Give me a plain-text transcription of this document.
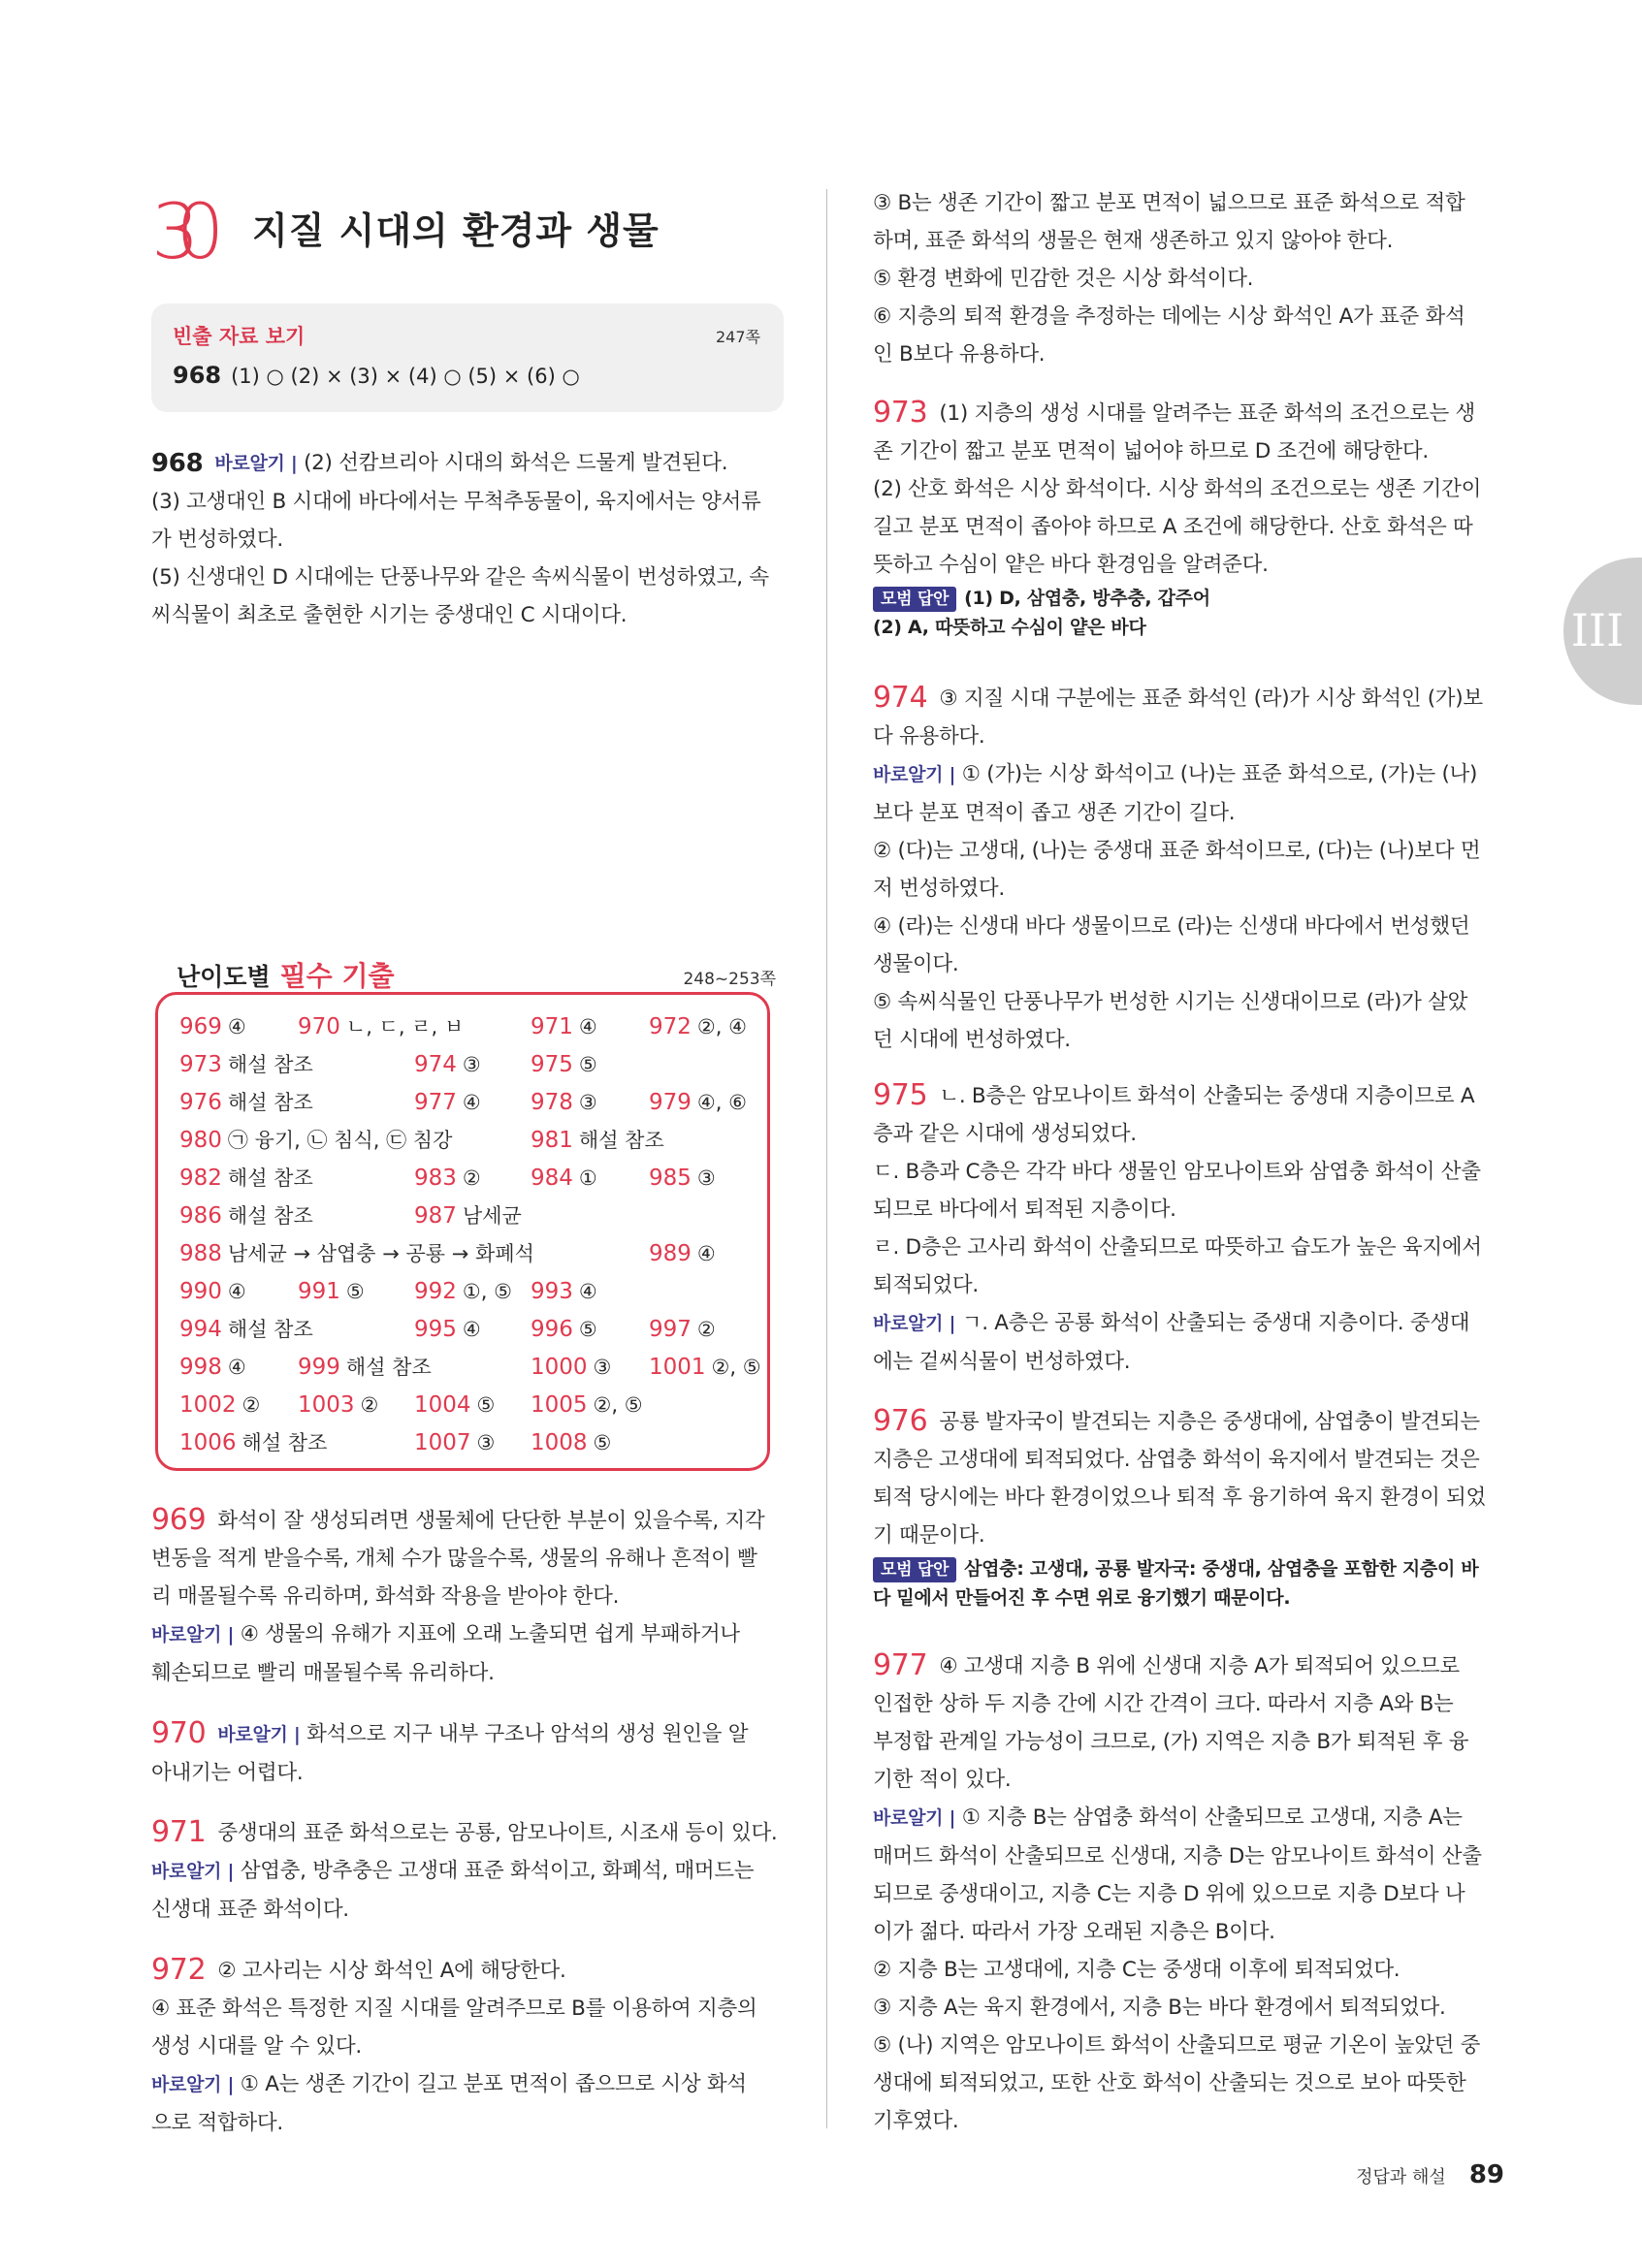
30 지질 시대의 환경과 생물
빈출 자료 보기	247쪽
968 (1) ○ (2) × (3) × (4) ○ (5) × (6) ○

968 바로알기 | (2) 선캄브리아 시대의 화석은 드물게 발견된다.

(3) 고생대인 B 시대에 바다에서는 무척추동물이, 육지에서는 양서류

가 번성하였다.

(5) 신생대인 D 시대에는 단풍나무와 같은 속씨식물이 번성하였고, 속

씨식물이 최초로 출현한 시기는 중생대인 C 시대이다.

난이도별 필수 기출	248~253쪽
969 ④ 970 ㄴ, ㄷ, ㄹ, ㅂ	971 ④ 972 ②, ④
973 해설 참조	974 ③ 975 ⑤
976 해설 참조	977 ④ 978 ③ 979 ④, ⑥
980 ㉠ 융기, ㉡ 침식, ㉢ 침강	981 해설 참조
982 해설 참조	983 ② 984 ① 985 ③
986 해설 참조	987 남세균
988 남세균 → 삼엽충 → 공룡 → 화폐석	989 ④
990 ④ 991 ⑤ 992 ①, ⑤ 993 ④
994 해설 참조	995 ④ 996 ⑤ 997 ②
998 ④ 999 해설 참조	1000 ③ 1001 ②, ⑤
1002 ② 1003 ② 1004 ⑤ 1005 ②, ⑤
1006 해설 참조	1007 ③ 1008 ⑤

969 화석이 잘 생성되려면 생물체에 단단한 부분이 있을수록, 지각

변동을 적게 받을수록, 개체 수가 많을수록, 생물의 유해나 흔적이 빨

리 매몰될수록 유리하며, 화석화 작용을 받아야 한다.

바로알기 | ④ 생물의 유해가 지표에 오래 노출되면 쉽게 부패하거나

훼손되므로 빨리 매몰될수록 유리하다.

970 바로알기 | 화석으로 지구 내부 구조나 암석의 생성 원인을 알

아내기는 어렵다.

971 중생대의 표준 화석으로는 공룡, 암모나이트, 시조새 등이 있다.

바로알기 | 삼엽충, 방추충은 고생대 표준 화석이고, 화폐석, 매머드는

신생대 표준 화석이다.

972 ② 고사리는 시상 화석인 A에 해당한다.

④ 표준 화석은 특정한 지질 시대를 알려주므로 B를 이용하여 지층의

생성 시대를 알 수 있다.

바로알기 | ① A는 생존 기간이 길고 분포 면적이 좁으므로 시상 화석

으로 적합하다.

③ B는 생존 기간이 짧고 분포 면적이 넓으므로 표준 화석으로 적합

하며, 표준 화석의 생물은 현재 생존하고 있지 않아야 한다.

⑤ 환경 변화에 민감한 것은 시상 화석이다.

⑥ 지층의 퇴적 환경을 추정하는 데에는 시상 화석인 A가 표준 화석

인 B보다 유용하다.

973 (1) 지층의 생성 시대를 알려주는 표준 화석의 조건으로는 생

존 기간이 짧고 분포 면적이 넓어야 하므로 D 조건에 해당한다.

(2) 산호 화석은 시상 화석이다. 시상 화석의 조건으로는 생존 기간이

길고 분포 면적이 좁아야 하므로 A 조건에 해당한다. 산호 화석은 따

뜻하고 수심이 얕은 바다 환경임을 알려준다.

모범 답안 (1) D, 삼엽충, 방추충, 갑주어

(2) A, 따뜻하고 수심이 얕은 바다

974 ③ 지질 시대 구분에는 표준 화석인 (라)가 시상 화석인 (가)보

다 유용하다.

바로알기 | ① (가)는 시상 화석이고 (나)는 표준 화석으로, (가)는 (나)

보다 분포 면적이 좁고 생존 기간이 길다.

② (다)는 고생대, (나)는 중생대 표준 화석이므로, (다)는 (나)보다 먼

저 번성하였다.

④ (라)는 신생대 바다 생물이므로 (라)는 신생대 바다에서 번성했던

생물이다.

⑤ 속씨식물인 단풍나무가 번성한 시기는 신생대이므로 (라)가 살았

던 시대에 번성하였다.

975 ㄴ. B층은 암모나이트 화석이 산출되는 중생대 지층이므로 A

층과 같은 시대에 생성되었다.

ㄷ. B층과 C층은 각각 바다 생물인 암모나이트와 삼엽충 화석이 산출

되므로 바다에서 퇴적된 지층이다.

ㄹ. D층은 고사리 화석이 산출되므로 따뜻하고 습도가 높은 육지에서

퇴적되었다.

바로알기 | ㄱ. A층은 공룡 화석이 산출되는 중생대 지층이다. 중생대

에는 겉씨식물이 번성하였다.

976 공룡 발자국이 발견되는 지층은 중생대에, 삼엽충이 발견되는

지층은 고생대에 퇴적되었다. 삼엽충 화석이 육지에서 발견되는 것은

퇴적 당시에는 바다 환경이었으나 퇴적 후 융기하여 육지 환경이 되었

기 때문이다.

모범 답안 삼엽충: 고생대, 공룡 발자국: 중생대, 삼엽충을 포함한 지층이 바

다 밑에서 만들어진 후 수면 위로 융기했기 때문이다.

977 ④ 고생대 지층 B 위에 신생대 지층 A가 퇴적되어 있으므로

인접한 상하 두 지층 간에 시간 간격이 크다. 따라서 지층 A와 B는

부정합 관계일 가능성이 크므로, (가) 지역은 지층 B가 퇴적된 후 융

기한 적이 있다.

바로알기 | ① 지층 B는 삼엽충 화석이 산출되므로 고생대, 지층 A는

매머드 화석이 산출되므로 신생대, 지층 D는 암모나이트 화석이 산출

되므로 중생대이고, 지층 C는 지층 D 위에 있으므로 지층 D보다 나

이가 젊다. 따라서 가장 오래된 지층은 B이다.

② 지층 B는 고생대에, 지층 C는 중생대 이후에 퇴적되었다.

③ 지층 A는 육지 환경에서, 지층 B는 바다 환경에서 퇴적되었다.

⑤ (나) 지역은 암모나이트 화석이 산출되므로 평균 기온이 높았던 중

생대에 퇴적되었고, 또한 산호 화석이 산출되는 것으로 보아 따뜻한

기후였다.

III
정답과 해설 89
